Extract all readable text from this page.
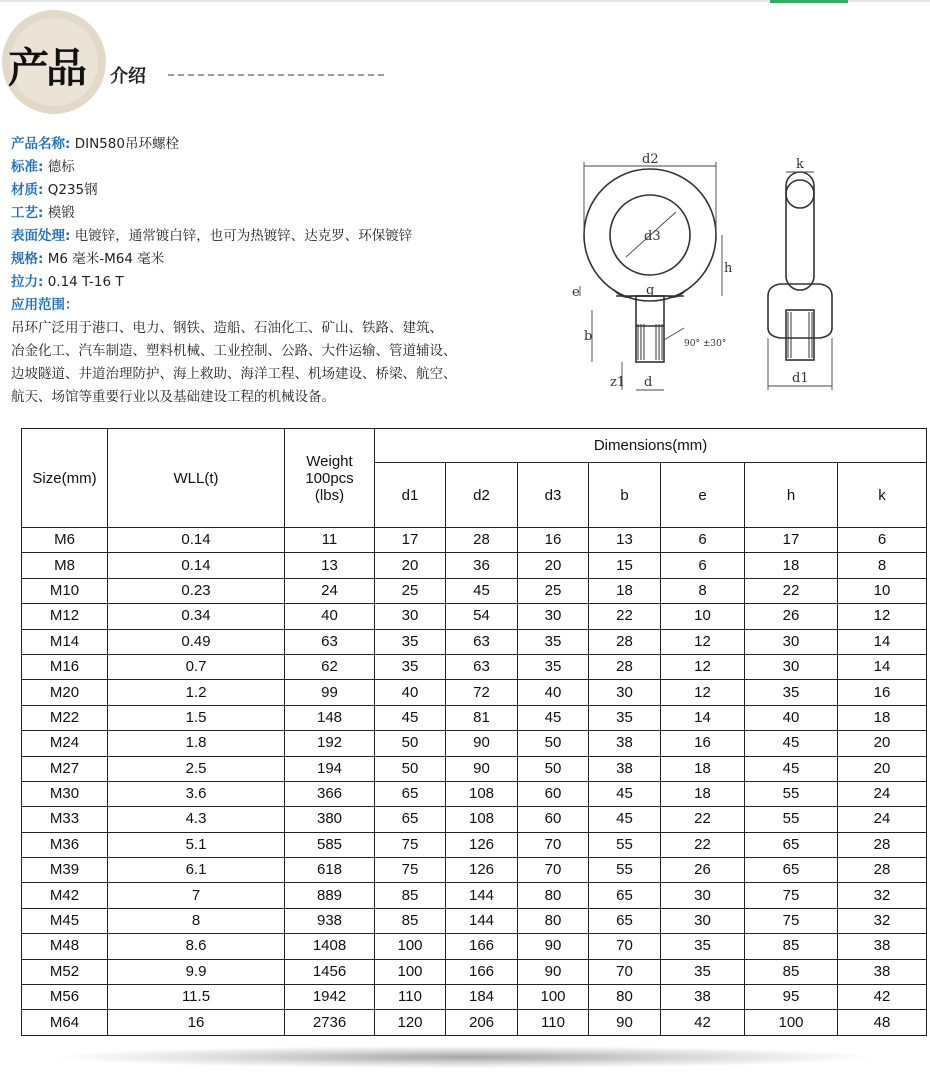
产品 介绍
产品名称: DIN580吊环螺栓
标准: 德标
材质: Q235钢
工艺: 模锻
表面处理: 电镀锌，通常镀白锌，也可为热镀锌、达克罗、环保镀锌
规格: M6 毫米-M64 毫米
拉力: 0.14 T-16 T
应用范围：
吊环广泛用于港口、电力、钢铁、造船、石油化工、矿山、铁路、建筑、
冶金化工、汽车制造、塑料机械、工业控制、公路、大件运输、管道辅设、
边坡隧道、井道治理防护、海上救助、海洋工程、机场建设、桥梁、航空、
航天、场馆等重要行业以及基础建设工程的机械设备。
d2
d3
h
e	g
b
z1 d
k
d1
90° ±30°
Size(mm)	WLL(t)	Weight
100pcs
(lbs)	Dimensions(mm)						
			d1	d2	d3	b	e	h	k
M6	0.14	11	17	28	16	13	6	17	6
M8	0.14	13	20	36	20	15	6	18	8
M10	0.23	24	25	45	25	18	8	22	10
M12	0.34	40	30	54	30	22	10	26	12
M14	0.49	63	35	63	35	28	12	30	14
M16	0.7	62	35	63	35	28	12	30	14
M20	1.2	99	40	72	40	30	12	35	16
M22	1.5	148	45	81	45	35	14	40	18
M24	1.8	192	50	90	50	38	16	45	20
M27	2.5	194	50	90	50	38	18	45	20
M30	3.6	366	65	108	60	45	18	55	24
M33	4.3	380	65	108	60	45	22	55	24
M36	5.1	585	75	126	70	55	22	65	28
M39	6.1	618	75	126	70	55	26	65	28
M42	7	889	85	144	80	65	30	75	32
M45	8	938	85	144	80	65	30	75	32
M48	8.6	1408	100	166	90	70	35	85	38
M52	9.9	1456	100	166	90	70	35	85	38
M56	11.5	1942	110	184	100	80	38	95	42
M64	16	2736	120	206	110	90	42	100	48
